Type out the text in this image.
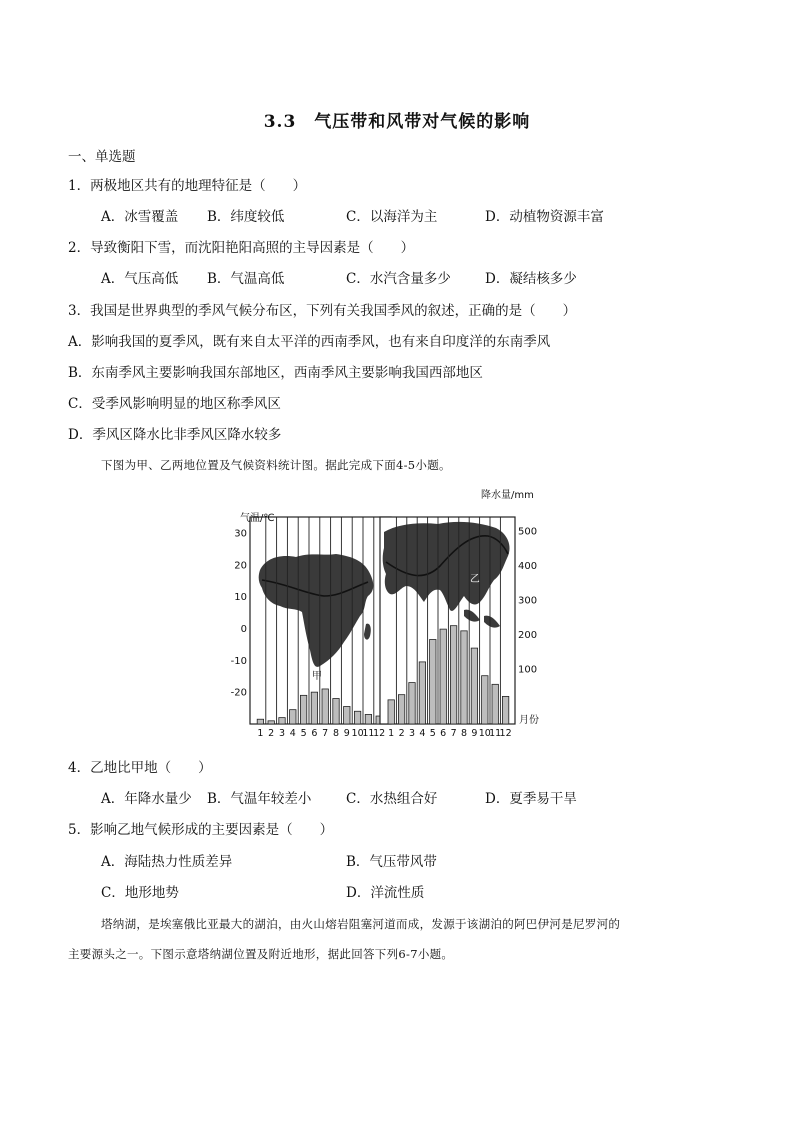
3.3　气压带和风带对气候的影响
一、单选题
1．两极地区共有的地理特征是（　　）
A．冰雪覆盖 B．纬度较低	C．以海洋为主	D．动植物资源丰富
2．导致衡阳下雪，而沈阳艳阳高照的主导因素是（　　）
A．气压高低 B．气温高低	C．水汽含量多少	D．凝结核多少
3．我国是世界典型的季风气候分布区，下列有关我国季风的叙述，正确的是（　　）
A．影响我国的夏季风，既有来自太平洋的西南季风，也有来自印度洋的东南季风
B．东南季风主要影响我国东部地区，西南季风主要影响我国西部地区
C．受季风影响明显的地区称季风区
D．季风区降水比非季风区降水较多
下图为甲、乙两地位置及气候资料统计图。据此完成下面4-5小题。
甲
气温/℃
30
20
10
0
-10
-20
1 2 3 4 5 6 7 8 9 10
11
12
乙
降水量/mm
500
400
300
200
100
1 2 3 4 5 6 7 8 9 10
11
12
月份
4．乙地比甲地（　　）
A．年降水量少 B．气温年较差小	C．水热组合好	D．夏季易干旱
5．影响乙地气候形成的主要因素是（　　）
A．海陆热力性质差异	B．气压带风带
C．地形地势	D．洋流性质
塔纳湖，是埃塞俄比亚最大的湖泊，由火山熔岩阻塞河道而成，发源于该湖泊的阿巴伊河是尼罗河的
主要源头之一。下图示意塔纳湖位置及附近地形，据此回答下列6-7小题。
